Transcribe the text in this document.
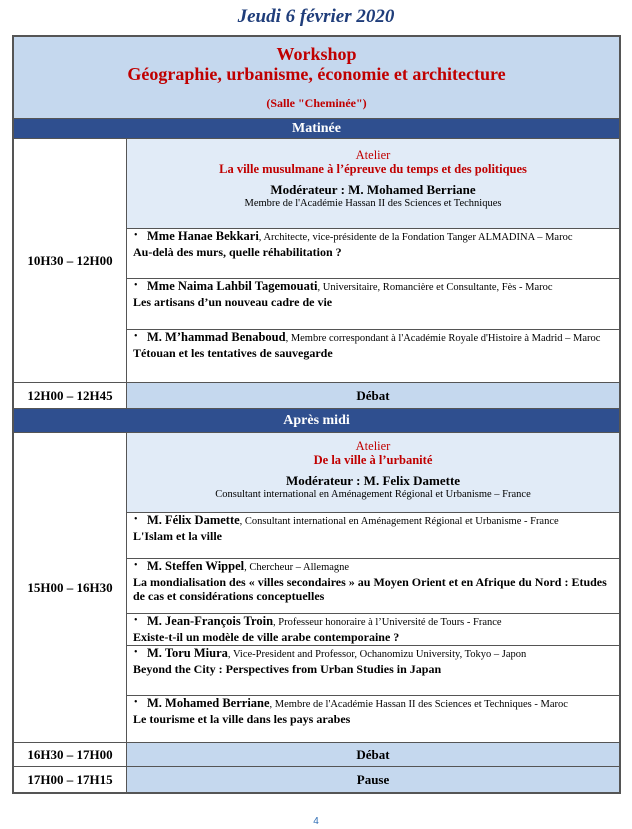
Jeudi 6 février 2020
Workshop
Géographie, urbanisme, économie et architecture
(Salle "Cheminée")
Matinée
10H30 – 12H00
Atelier
La ville musulmane à l’épreuve du temps et des politiques
Modérateur : M. Mohamed Berriane
Membre de l'Académie Hassan II des Sciences et Techniques
• Mme Hanae Bekkari, Architecte, vice-présidente de la Fondation Tanger ALMADINA – Maroc
Au-delà des murs, quelle réhabilitation ?
• Mme Naima Lahbil Tagemouati, Universitaire, Romancière et Consultante, Fès - Maroc
Les artisans d’un nouveau cadre de vie
• M. M’hammad Benaboud, Membre correspondant à l'Académie Royale d'Histoire à Madrid – Maroc
Tétouan et les tentatives de sauvegarde
12H00 – 12H45	Débat
Après midi
15H00 – 16H30
Atelier
De la ville à l’urbanité
Modérateur : M. Felix Damette
Consultant international en Aménagement Régional et Urbanisme – France
• M. Félix Damette, Consultant international en Aménagement Régional et Urbanisme - France
L'Islam et la ville
• M. Steffen Wippel, Chercheur – Allemagne
La mondialisation des « villes secondaires » au Moyen Orient et en Afrique du Nord : Etudes de cas et considérations conceptuelles
• M. Jean-François Troin, Professeur honoraire à l’Université de Tours - France
Existe-t-il un modèle de ville arabe contemporaine ?
• M. Toru Miura, Vice-President and Professor, Ochanomizu University, Tokyo – Japon
Beyond the City : Perspectives from Urban Studies in Japan
• M. Mohamed Berriane, Membre de l'Académie Hassan II des Sciences et Techniques - Maroc
Le tourisme et la ville dans les pays arabes
16H30 – 17H00	Débat
17H00 – 17H15	Pause
4
